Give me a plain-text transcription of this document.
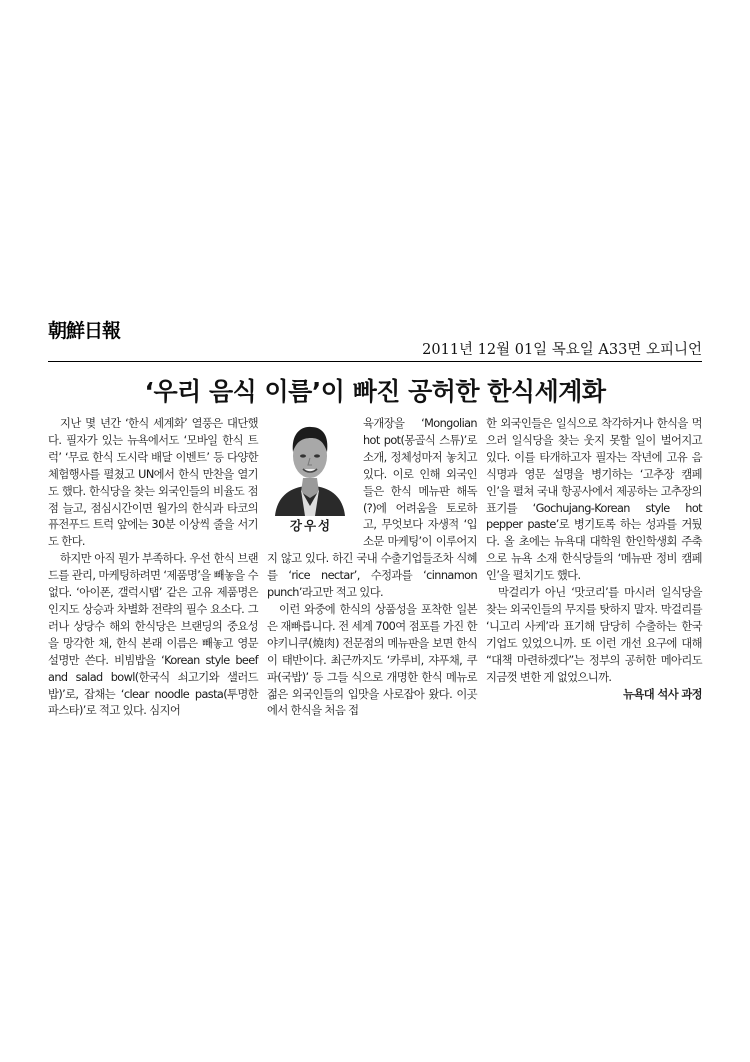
朝鮮日報
2011년 12월 01일 목요일 A33면 오피니언
‘우리 음식 이름’이 빠진 공허한 한식세계화

지난 몇 년간 ‘한식 세계화’ 열풍은 대단했다. 필자가 있는 뉴욕에서도 ‘모바일 한식 트럭’ ‘무료 한식 도시락 배달 이벤트’ 등 다양한 체험행사를 펼쳤고 UN에서 한식 만찬을 열기도 했다. 한식당을 찾는 외국인들의 비율도 점점 늘고, 점심시간이면 월가의 한식과 타코의 퓨전푸드 트럭 앞에는 30분 이상씩 줄을 서기도 한다.

하지만 아직 뭔가 부족하다. 우선 한식 브랜드를 관리, 마케팅하려면 ‘제품명’을 빼놓을 수 없다. ‘아이폰, 갤럭시탭’ 같은 고유 제품명은 인지도 상승과 차별화 전략의 필수 요소다. 그러나 상당수 해외 한식당은 브랜딩의 중요성을 망각한 채, 한식 본래 이름은 빼놓고 영문 설명만 쓴다. 비빔밥을 ‘Korean style beef and salad bowl(한국식 쇠고기와 샐러드 밥)’로, 잡채는 ‘clear noodle pasta(투명한 파스타)’로 적고 있다. 심지어

강우성

육개장을 ‘Mongolian hot pot(몽골식 스튜)’로 소개, 정체성마저 놓치고 있다. 이로 인해 외국인들은 한식 메뉴판 해독(?)에 어려움을 토로하고, 무엇보다 자생적 ‘입소문 마케팅’이 이루어지지 않고 있다. 하긴 국내 수출기업들조차 식혜를 ‘rice nectar’, 수정과를 ‘cinnamon punch’라고만 적고 있다.

이런 와중에 한식의 상품성을 포착한 일본은 재빠릅니다. 전 세계 700여 점포를 가진 한 야키니쿠(燒肉) 전문점의 메뉴판을 보면 한식이 태반이다. 최근까지도 ‘카루비, 쟈푸채, 쿠파(국밥)’ 등 그들 식으로 개명한 한식 메뉴로 젊은 외국인들의 입맛을 사로잡아 왔다. 이곳에서 한식을 처음 접

한 외국인들은 일식으로 착각하거나 한식을 먹으러 일식당을 찾는 웃지 못할 일이 벌어지고 있다. 이를 타개하고자 필자는 작년에 고유 음식명과 영문 설명을 병기하는 ‘고추장 캠페인’을 펼쳐 국내 항공사에서 제공하는 고추장의 표기를 ‘Gochujang-Korean style hot pepper paste’로 병기토록 하는 성과를 거뒀다. 올 초에는 뉴욕대 대학원 한인학생회 주축으로 뉴욕 소재 한식당들의 ‘메뉴판 정비 캠페인’을 펼치기도 했다.

막걸리가 아닌 ‘맛코리’를 마시러 일식당을 찾는 외국인들의 무지를 탓하지 말자. 막걸리를 ‘니고리 사케’라 표기해 담당히 수출하는 한국 기업도 있었으니까. 또 이런 개선 요구에 대해 “대책 마련하겠다”는 정부의 공허한 메아리도 지금껏 변한 게 없었으니까.

뉴욕대 석사 과정
